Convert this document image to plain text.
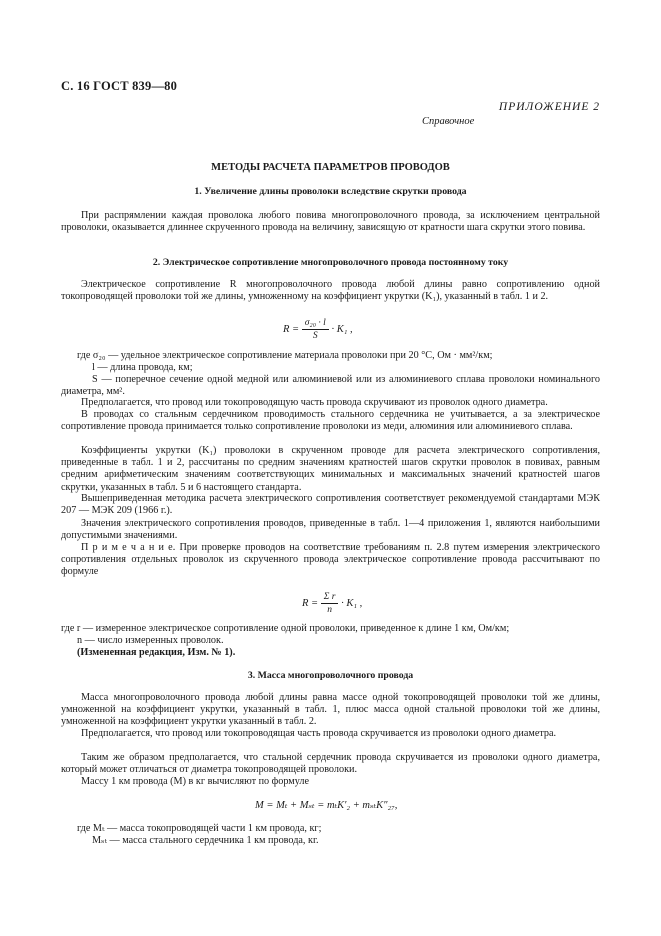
С. 16 ГОСТ 839—80
ПРИЛОЖЕНИЕ 2
Справочное
МЕТОДЫ РАСЧЕТА ПАРАМЕТРОВ ПРОВОДОВ
1. Увеличение длины проволоки вследствие скрутки провода

При распрямлении каждая проволока любого повива многопроволочного провода, за исключением центральной проволоки, оказывается длиннее скрученного провода на величину, зависящую от кратности шага скрутки этого повива.

2. Электрическое сопротивление многопроволочного провода постоянному току

Электрическое сопротивление R многопроволочного провода любой длины равно сопротивлению одной токопроводящей проволоки той же длины, умноженному на коэффициент укрутки (K₁), указанный в табл. 1 и 2.

$R = \frac{\text{σ₂₀ · l}}{S} \cdot K_1$ ,

где σ₂₀ — удельное электрическое сопротивление материала проволоки при 20 °С, Ом · мм²/км;

l — длина провода, км;

S — поперечное сечение одной медной или алюминиевой или из алюминиевого сплава проволоки номинального диаметра, мм².

Предполагается, что провод или токопроводящую часть провода скручивают из проволок одного диаметра.

В проводах со стальным сердечником проводимость стального сердечника не учитывается, а за электрическое сопротивление провода принимается только сопротивление проволоки из меди, алюминия или алюминиевого сплава.

Коэффициенты укрутки (K₁) проволоки в скрученном проводе для расчета электрического сопротивления, приведенные в табл. 1 и 2, рассчитаны по средним значениям кратностей шагов скрутки проволок в повивах, равным средним арифметическим значениям соответствующих минимальных и максимальных значений кратностей шагов скрутки, указанных в табл. 5 и 6 настоящего стандарта.

Вышеприведенная методика расчета электрического сопротивления соответствует рекомендуемой стандартами МЭК 207 — МЭК 209 (1966 г.).

Значения электрического сопротивления проводов, приведенные в табл. 1—4 приложения 1, являются наибольшими допустимыми значениями.

П р и м е ч а н и е. При проверке проводов на соответствие требованиям п. 2.8 путем измерения электрического сопротивления отдельных проволок из скрученного провода электрическое сопротивление провода рассчитывают по формуле

$R = \frac{\text{Σ r}}{n} \cdot K_1$ ,

где r — измеренное электрическое сопротивление одной проволоки, приведенное к длине 1 км, Ом/км;

n — число измеренных проволок.

(Измененная редакция, Изм. № 1).

3. Масса многопроволочного провода

Масса многопроволочного провода любой длины равна массе одной токопроводящей проволоки той же длины, умноженной на коэффициент укрутки, указанный в табл. 1, плюс масса одной стальной проволоки той же длины, умноженной на коэффициент укрутки указанный в табл. 2.

Предполагается, что провод или токопроводящая часть провода скручивается из проволоки одного диаметра.

Таким же образом предполагается, что стальной сердечник провода скручивается из проволоки одного диаметра, который может отличаться от диаметра токопроводящей проволоки.

Массу 1 км провода (М) в кг вычисляют по формуле

M = Mₜ + Mₛₜ = mₜK′₂ + mₛₜK″₂₇,

где Mₜ — масса токопроводящей части 1 км провода, кг;

Mₛₜ — масса стального сердечника 1 км провода, кг.
